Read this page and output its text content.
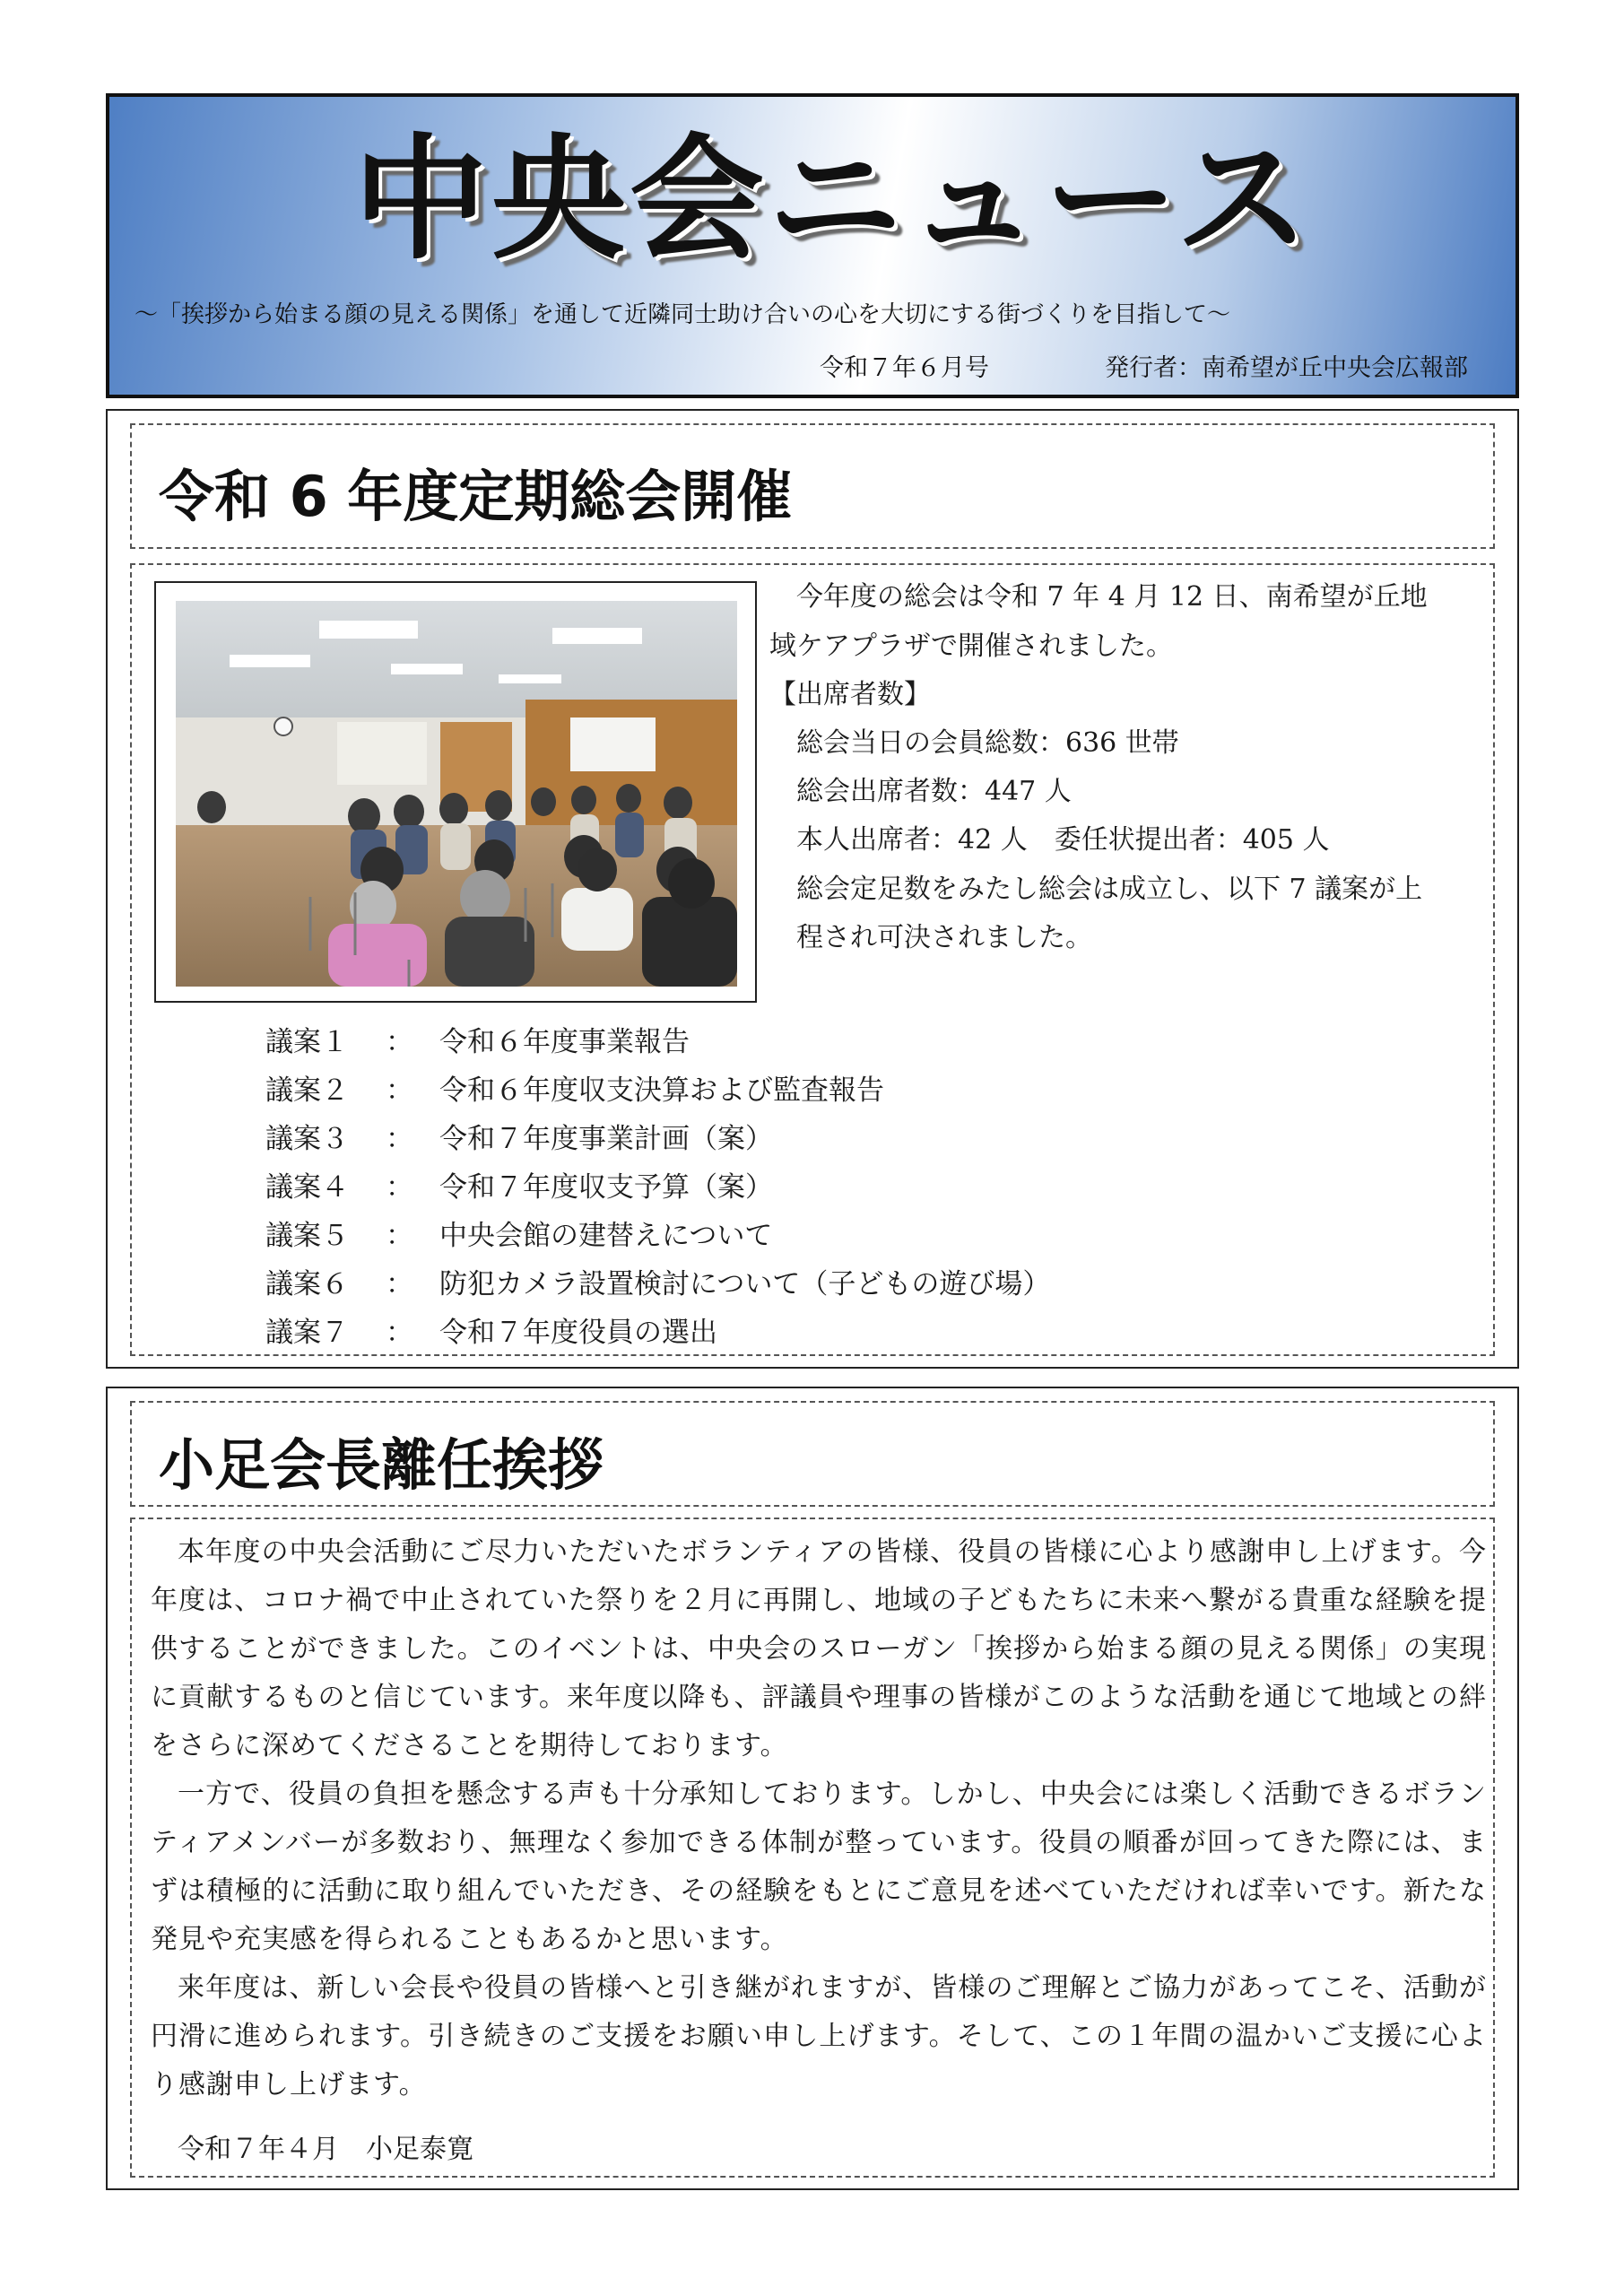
中央会ニュース
～「挨拶から始まる顔の見える関係」を通して近隣同士助け合いの心を大切にする街づくりを目指して～
令和７年６月号	発行者：南希望が丘中央会広報部
令和 6 年度定期総会開催
今年度の総会は令和 7 年 4 月 12 日、南希望が丘地
域ケアプラザで開催されました。
【出席者数】
総会当日の会員総数：636 世帯
総会出席者数：447 人
本人出席者：42 人　委任状提出者：405 人
総会定足数をみたし総会は成立し、以下 7 議案が上
程され可決されました。
議案１ ： 令和６年度事業報告
議案２ ： 令和６年度収支決算および監査報告
議案３ ： 令和７年度事業計画（案）
議案４ ： 令和７年度収支予算（案）
議案５ ： 中央会館の建替えについて
議案６ ： 防犯カメラ設置検討について（子どもの遊び場）
議案７ ： 令和７年度役員の選出
小足会長離任挨拶

本年度の中央会活動にご尽力いただいたボランティアの皆様、役員の皆様に心より感謝申し上げます。今年度は、コロナ禍で中止されていた祭りを２月に再開し、地域の子どもたちに未来へ繋がる貴重な経験を提供することができました。このイベントは、中央会のスローガン「挨拶から始まる顔の見える関係」の実現に貢献するものと信じています。来年度以降も、評議員や理事の皆様がこのような活動を通じて地域との絆をさらに深めてくださることを期待しております。

一方で、役員の負担を懸念する声も十分承知しております。しかし、中央会には楽しく活動できるボランティアメンバーが多数おり、無理なく参加できる体制が整っています。役員の順番が回ってきた際には、まずは積極的に活動に取り組んでいただき、その経験をもとにご意見を述べていただければ幸いです。新たな発見や充実感を得られることもあるかと思います。

来年度は、新しい会長や役員の皆様へと引き継がれますが、皆様のご理解とご協力があってこそ、活動が円滑に進められます。引き続きのご支援をお願い申し上げます。そして、この１年間の温かいご支援に心より感謝申し上げます。

令和７年４月　小足泰寛
